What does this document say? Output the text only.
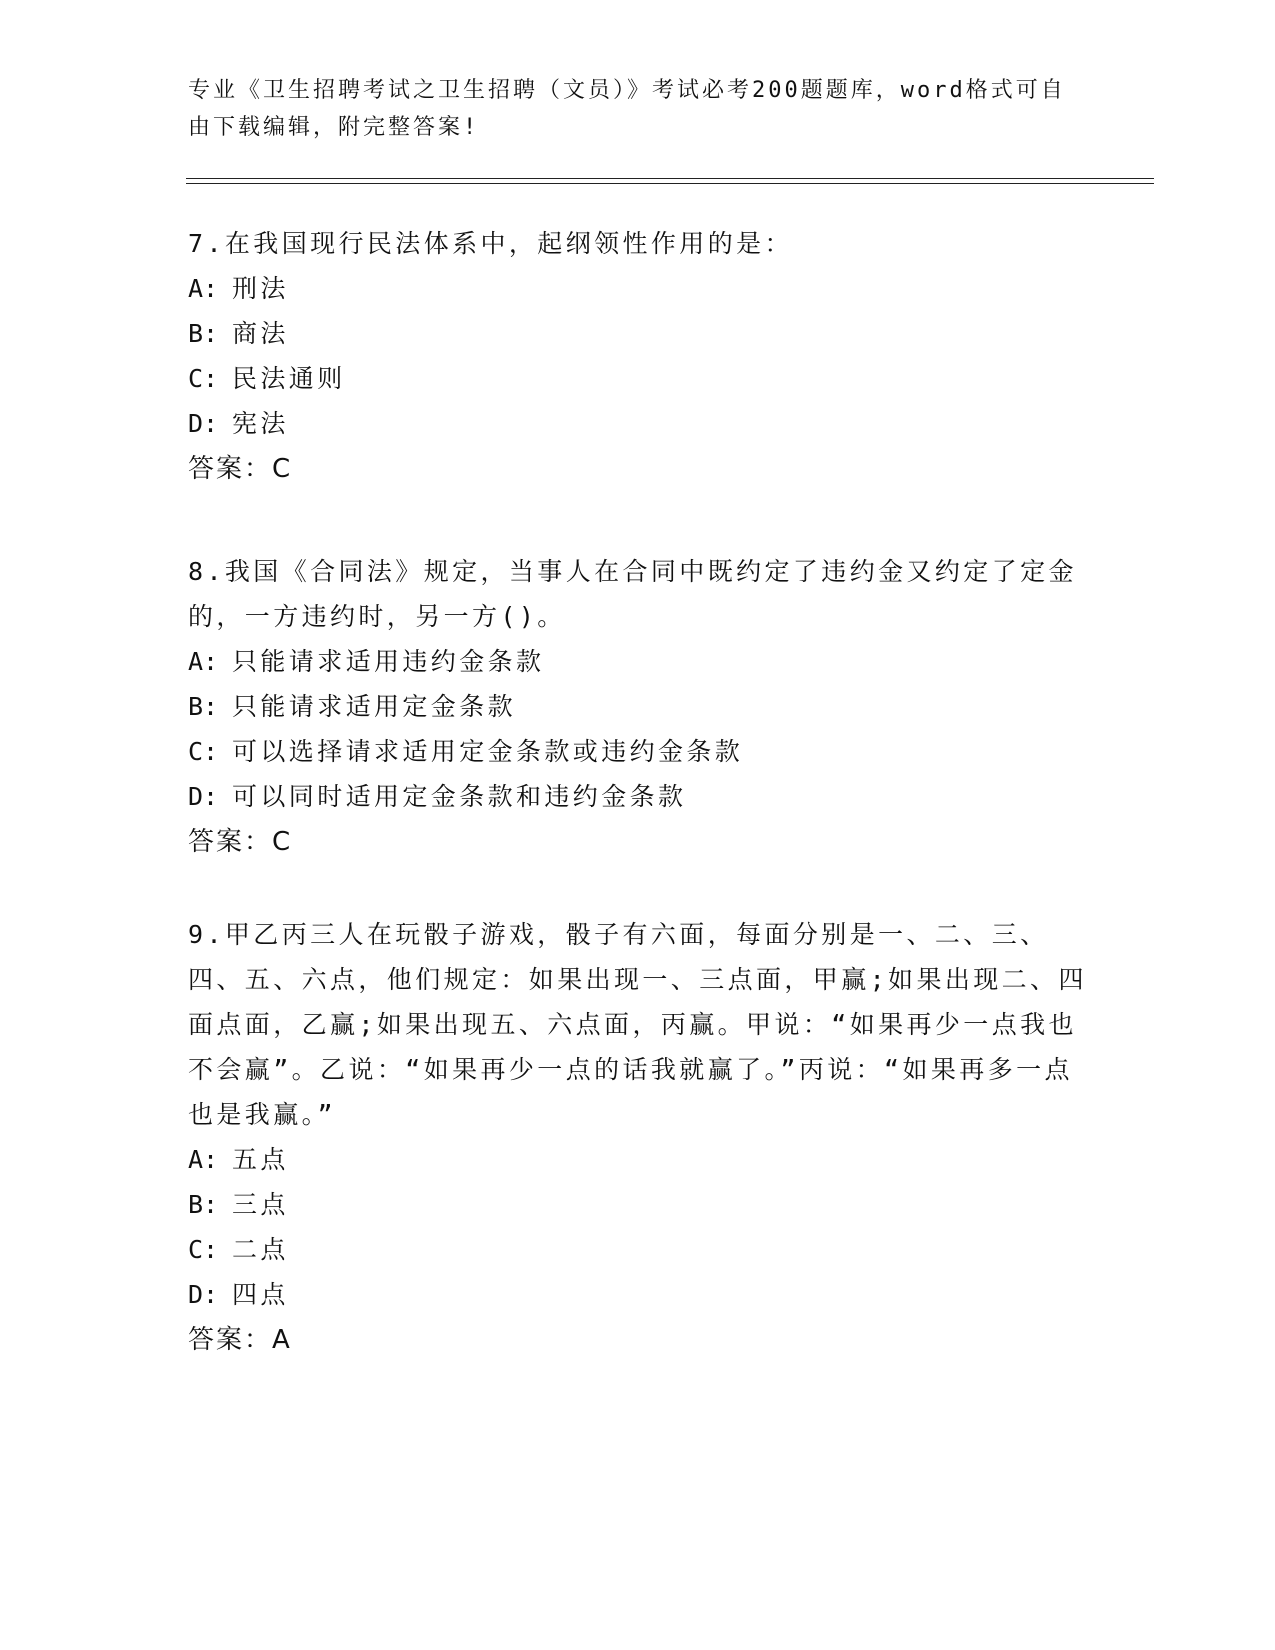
专业《卫生招聘考试之卫生招聘（文员）》考试必考200题题库，word格式可自由下载编辑，附完整答案!

7.在我国现行民法体系中，起纲领性作用的是：

A: 刑法

B: 商法

C: 民法通则

D: 宪法

答案：C

8.我国《合同法》规定，当事人在合同中既约定了违约金又约定了定金的，一方违约时，另一方()。

A: 只能请求适用违约金条款

B: 只能请求适用定金条款

C: 可以选择请求适用定金条款或违约金条款

D: 可以同时适用定金条款和违约金条款

答案：C

9.甲乙丙三人在玩骰子游戏，骰子有六面，每面分别是一、二、三、四、五、六点，他们规定：如果出现一、三点面，甲赢;如果出现二、四面点面，乙赢;如果出现五、六点面，丙赢。甲说：“如果再少一点我也不会赢”。乙说：“如果再少一点的话我就赢了。”丙说：“如果再多一点也是我赢。”

A: 五点

B: 三点

C: 二点

D: 四点

答案：A
